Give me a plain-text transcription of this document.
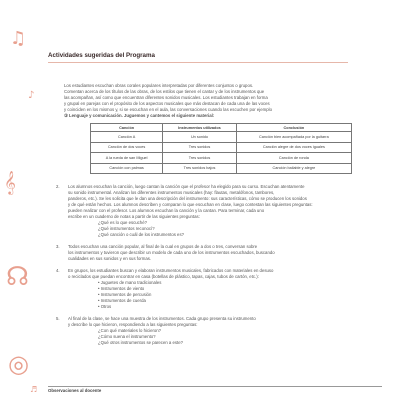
♫
♪
𝄞
☊
◎
♬
Actividades sugeridas del Programa
Los estudiantes escuchan obras corales populares interpretadas por diferentes conjuntos o grupos.
Comentan acerca de los títulos de las obras, de los estilos que tienen el cantar y de los instrumentos que
las acompañan, así como que encuentran diferentes sonidos musicales. Los estudiantes trabajan en forma
y grupal en parejas con el propósito de los aspectos musicales que más destacan de cada una de las voces
y coinciden en los mismos y, si se escuchan en el aula, las conversaciones cuando las escuchen por ejemplo
③ Lenguaje y comunicación. Juguemos y cantemos el siguiente material:
Canción	Instrumentos utilizados	Conclusión
Canción A	Un sonido	Canción bien acompañada por la guitarra
Canción de dos voces	Tres sonidos	Canción alegre de dos voces iguales
A la rueda de san Miguel	Tres sonidos	Canción de ronda
Canción con palmas	Tres sonidos bajos	Canción bailable y alegre
2. Los alumnos escuchan la canción, luego cantan la canción que el profesor ha elegido para su curso. Escuchan atentamente
su sonido instrumental. Analizan los diferentes instrumentos musicales (hay: flautas, metalófonos, tambores,
panderos, etc.). Se les solicita que le dan una descripción del instrumento: sus características, cómo se producen los sonidos
y de qué están hechos. Los alumnos describen y comparan lo que escuchan en clase, luego contestan las siguientes preguntas:
pueden realizar con el profesor. Los alumnos escuchan la canción y la cantan. Para terminar, cada uno
escribe en un cuaderno de notas a partir de las siguientes preguntas:
¿Qué es lo que escuché?
¿Qué instrumentos reconocí?
¿Qué canción o cuál de los instrumentos es?
3. Todos escuchan una canción popular, al final de la cual en grupos de a dos o tres, conversan sobre
los instrumentos y tuvieron que describir un modelo de cada uno de los instrumentos escuchados, buscando
cualidades en sus sonidos y en sus formas.
4. En grupos, los estudiantes buscan y elaboran instrumentos musicales, fabricados con materiales en desuso
o reciclados que puedan encontrar en casa (botellas de plástico, tapas, cajas, tubos de cartón, etc.):
• Juguetes de mano tradicionales
• Instrumentos de viento
• Instrumentos de percusión
• Instrumentos de cuerda
• Otros
5. Al final de la clase, se hace una muestra de los instrumentos. Cada grupo presenta su instrumento
y describe lo que hicieron, respondiendo a las siguientes preguntas:
¿Con qué materiales lo hicieron?
¿Cómo suena el instrumento?
¿Qué otros instrumentos se parecen a este?
Observaciones al docente
